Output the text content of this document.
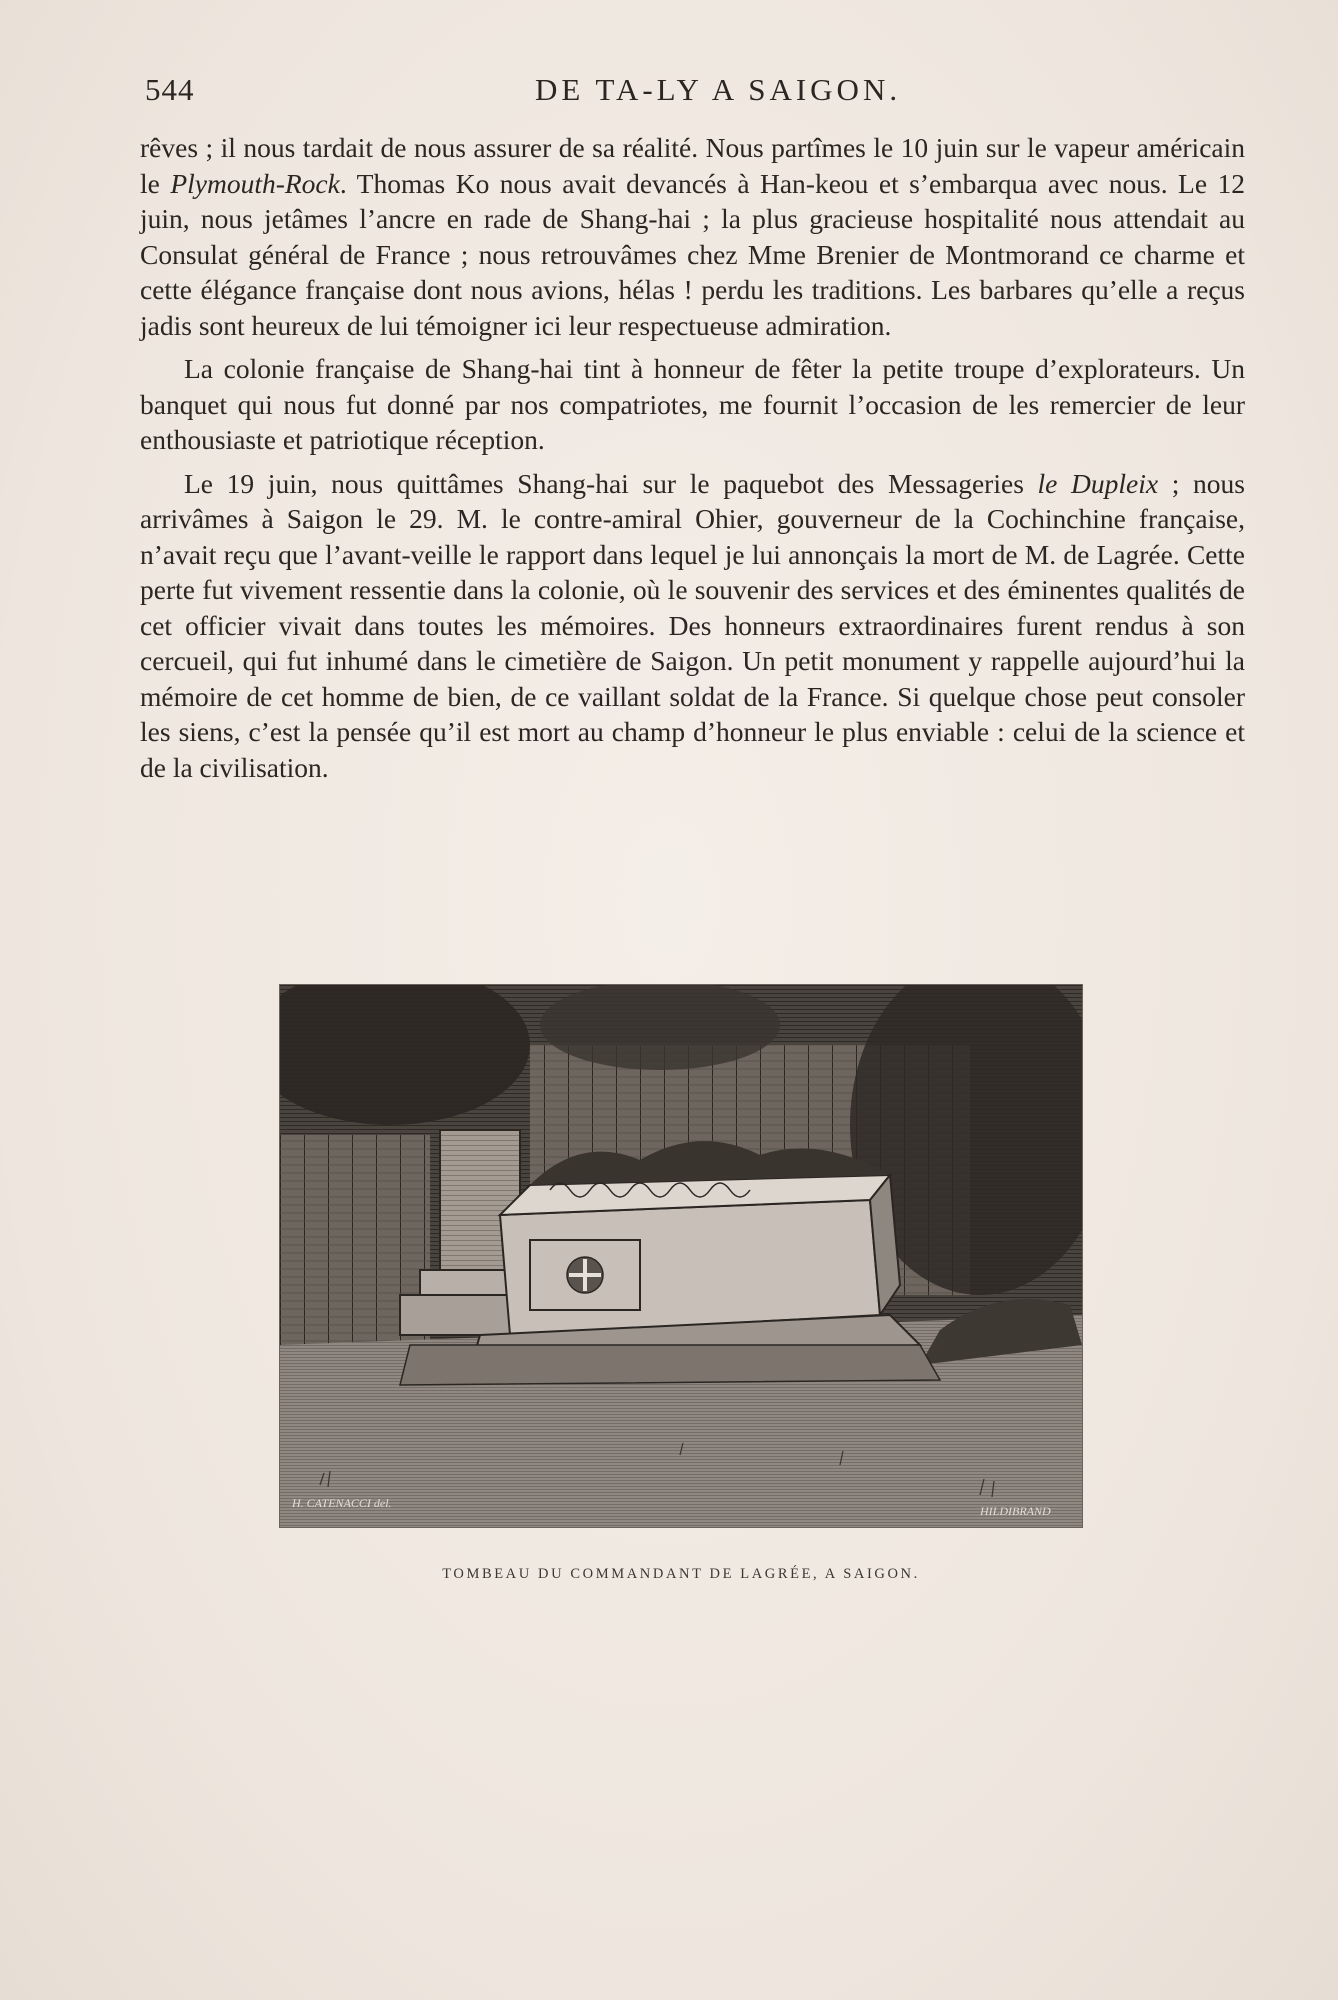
544	DE TA-LY A SAIGON.

rêves ; il nous tardait de nous assurer de sa réalité. Nous partîmes le 10 juin sur le vapeur américain le Plymouth-Rock. Thomas Ko nous avait devancés à Han-keou et s’embarqua avec nous. Le 12 juin, nous jetâmes l’ancre en rade de Shang-hai ; la plus gracieuse hospitalité nous attendait au Consulat général de France ; nous retrouvâmes chez Mme Brenier de Montmorand ce charme et cette élégance française dont nous avions, hélas ! perdu les traditions. Les barbares qu’elle a reçus jadis sont heureux de lui témoigner ici leur respectueuse admiration.

La colonie française de Shang-hai tint à honneur de fêter la petite troupe d’explorateurs. Un banquet qui nous fut donné par nos compatriotes, me fournit l’occasion de les remercier de leur enthousiaste et patriotique réception.

Le 19 juin, nous quittâmes Shang-hai sur le paquebot des Messageries le Dupleix ; nous arrivâmes à Saigon le 29. M. le contre-amiral Ohier, gouverneur de la Cochinchine française, n’avait reçu que l’avant-veille le rapport dans lequel je lui annonçais la mort de M. de Lagrée. Cette perte fut vivement ressentie dans la colonie, où le souvenir des services et des éminentes qualités de cet officier vivait dans toutes les mémoires. Des honneurs extraordinaires furent rendus à son cercueil, qui fut inhumé dans le cimetière de Saigon. Un petit monument y rappelle aujourd’hui la mémoire de cet homme de bien, de ce vaillant soldat de la France. Si quelque chose peut consoler les siens, c’est la pensée qu’il est mort au champ d’honneur le plus enviable : celui de la science et de la civilisation.

H. CATENACCI del.
HILDIBRAND
TOMBEAU DU COMMANDANT DE LAGRÉE, A SAIGON.
